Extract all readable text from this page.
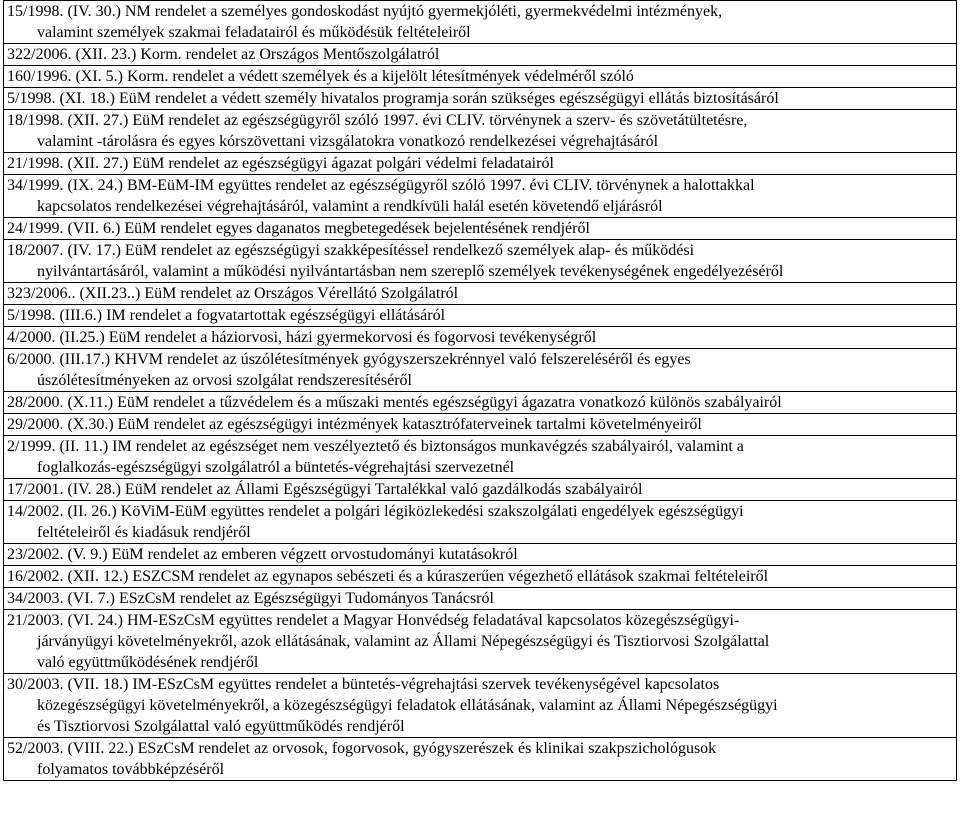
15/1998. (IV. 30.) NM rendelet a személyes gondoskodást nyújtó gyermekjóléti, gyermekvédelmi intézmények,
valamint személyek szakmai feladatairól és működésük feltételeiről

322/2006. (XII. 23.) Korm. rendelet az Országos Mentőszolgálatról

160/1996. (XI. 5.) Korm. rendelet a védett személyek és a kijelölt létesítmények védelméről szóló

5/1998. (XI. 18.) EüM rendelet a védett személy hivatalos programja során szükséges egészségügyi ellátás biztosításáról

18/1998. (XII. 27.) EüM rendelet az egészségügyről szóló 1997. évi CLIV. törvénynek a szerv- és szövetátültetésre,
valamint -tárolásra és egyes kórszövettani vizsgálatokra vonatkozó rendelkezései végrehajtásáról

21/1998. (XII. 27.) EüM rendelet az egészségügyi ágazat polgári védelmi feladatairól

34/1999. (IX. 24.) BM-EüM-IM együttes rendelet az egészségügyről szóló 1997. évi CLIV. törvénynek a halottakkal
kapcsolatos rendelkezései végrehajtásáról, valamint a rendkívüli halál esetén követendő eljárásról

24/1999. (VII. 6.) EüM rendelet egyes daganatos megbetegedések bejelentésének rendjéről

18/2007. (IV. 17.) EüM rendelet az egészségügyi szakképesítéssel rendelkező személyek alap- és működési
nyilvántartásáról, valamint a működési nyilvántartásban nem szereplő személyek tevékenységének engedélyezéséről

323/2006.. (XII.23..) EüM rendelet az Országos Vérellátó Szolgálatról

5/1998. (III.6.) IM rendelet a fogvatartottak egészségügyi ellátásáról

4/2000. (II.25.) EüM rendelet a háziorvosi, házi gyermekorvosi és fogorvosi tevékenységről

6/2000. (III.17.) KHVM rendelet az úszólétesítmények gyógyszerszekrénnyel való felszereléséről és egyes
úszólétesítményeken az orvosi szolgálat rendszeresítéséről

28/2000. (X.11.) EüM rendelet a tűzvédelem és a műszaki mentés egészségügyi ágazatra vonatkozó különös szabályairól

29/2000. (X.30.) EüM rendelet az egészségügyi intézmények katasztrófaterveinek tartalmi követelményeiről

2/1999. (II. 11.) IM rendelet az egészséget nem veszélyeztető és biztonságos munkavégzés szabályairól, valamint a
foglalkozás-egészségügyi szolgálatról a büntetés-végrehajtási szervezetnél

17/2001. (IV. 28.) EüM rendelet az Állami Egészségügyi Tartalékkal való gazdálkodás szabályairól

14/2002. (II. 26.) KöViM-EüM együttes rendelet a polgári légiközlekedési szakszolgálati engedélyek egészségügyi
feltételeiről és kiadásuk rendjéről

23/2002. (V. 9.) EüM rendelet az emberen végzett orvostudományi kutatásokról

16/2002. (XII. 12.) ESZCSM rendelet az egynapos sebészeti és a kúraszerűen végezhető ellátások szakmai feltételeiről

34/2003. (VI. 7.) ESzCsM rendelet az Egészségügyi Tudományos Tanácsról

21/2003. (VI. 24.) HM-ESzCsM együttes rendelet a Magyar Honvédség feladatával kapcsolatos közegészségügyi-
járványügyi követelményekről, azok ellátásának, valamint az Állami Népegészségügyi és Tisztiorvosi Szolgálattal
való együttműködésének rendjéről

30/2003. (VII. 18.) IM-ESzCsM együttes rendelet a büntetés-végrehajtási szervek tevékenységével kapcsolatos
közegészségügyi követelményekről, a közegészségügyi feladatok ellátásának, valamint az Állami Népegészségügyi
és Tisztiorvosi Szolgálattal való együttműködés rendjéről

52/2003. (VIII. 22.) ESzCsM rendelet az orvosok, fogorvosok, gyógyszerészek és klinikai szakpszichológusok
folyamatos továbbképzéséről
